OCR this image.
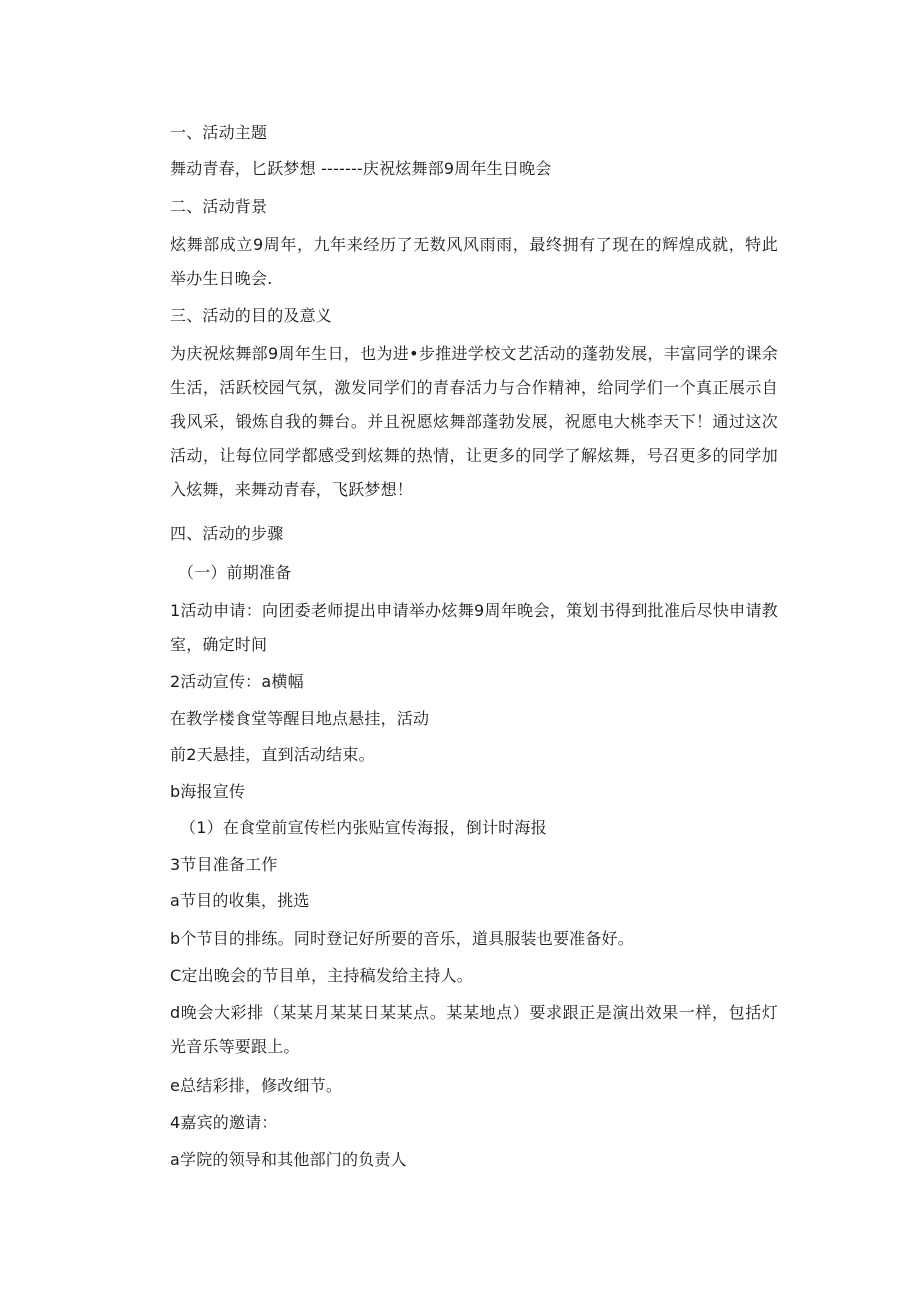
一、活动主题
舞动青春，匕跃梦想 -------庆祝炫舞部9周年生日晚会
二、活动背景
炫舞部成立9周年，九年来经历了无数风风雨雨，最终拥有了现在的辉煌成就，特此举办生日晚会.
三、活动的目的及意义
为庆祝炫舞部9周年生日，也为进•步推进学校文艺活动的蓬勃发展，丰富同学的课余生活，活跃校园气氛，激发同学们的青春活力与合作精神，给同学们一个真正展示自我风采，锻炼自我的舞台。并且祝愿炫舞部蓬勃发展，祝愿电大桃李天下！通过这次活动，让每位同学都感受到炫舞的热情，让更多的同学了解炫舞，号召更多的同学加入炫舞，来舞动青春，飞跃梦想！
四、活动的步骤
（一）前期准备
1活动申请：向团委老师提出申请举办炫舞9周年晚会，策划书得到批准后尽快申请教室，确定时间
2活动宣传：a横幅
在教学楼食堂等醒目地点悬挂，活动
前2天悬挂，直到活动结束。
b海报宣传
（1）在食堂前宣传栏内张贴宣传海报，倒计时海报
3节目准备工作
a节目的收集，挑选
b个节目的排练。同时登记好所要的音乐，道具服装也要准备好。
C定出晚会的节目单，主持稿发给主持人。
d晚会大彩排（某某月某某日某某点。某某地点）要求跟正是演出效果一样，包括灯光音乐等要跟上。
e总结彩排，修改细节。
4嘉宾的邀请：
a学院的领导和其他部门的负责人
